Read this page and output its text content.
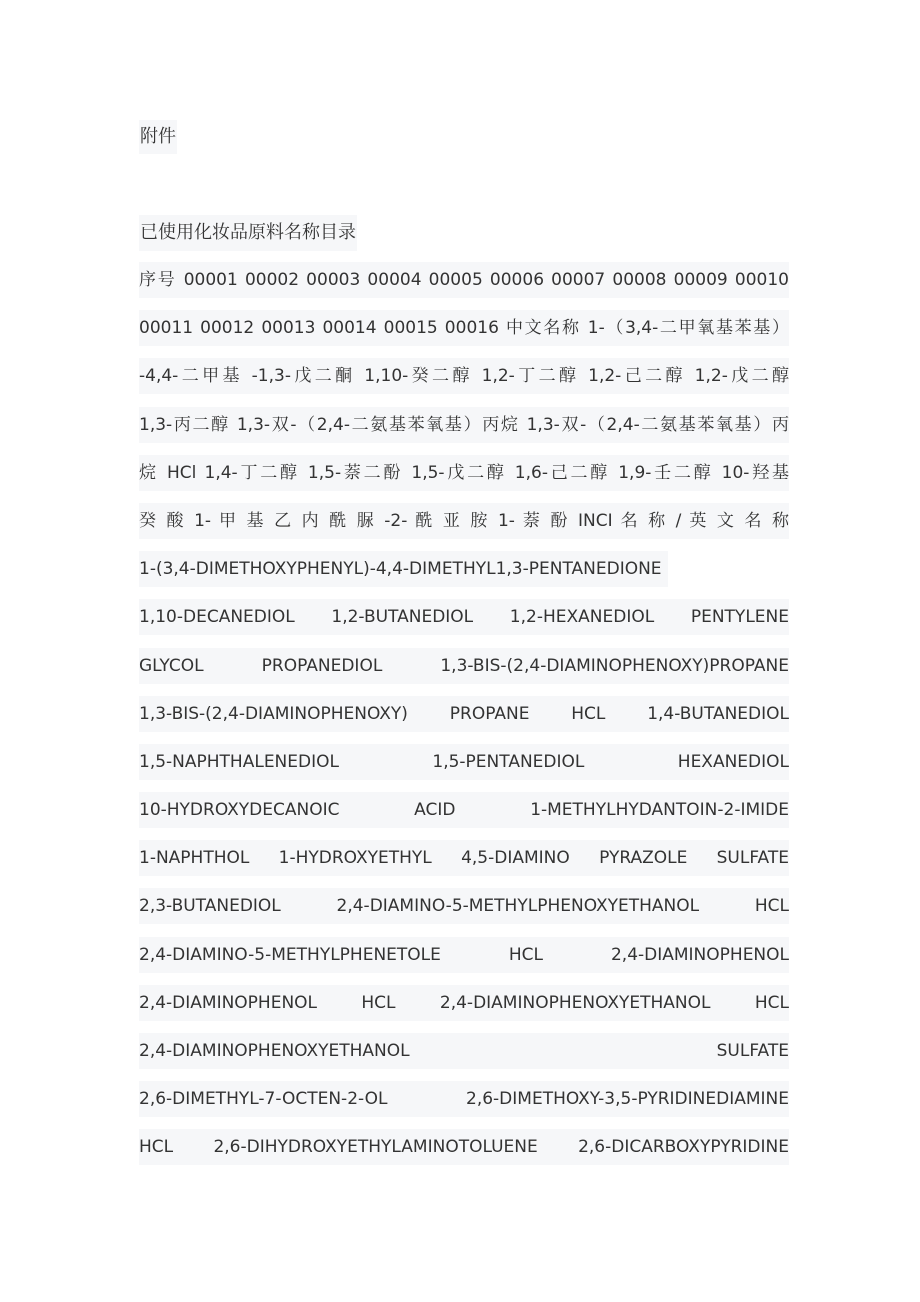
附件
已使用化妆品原料名称目录
序号 00001 00002 00003 00004 00005 00006 00007 00008 00009 00010
00011 00012 00013 00014 00015 00016 中文名称 1-（3,4-二甲氧基苯基）
-4,4-二甲基 -1,3-戊二酮 1,10-癸二醇 1,2-丁二醇 1,2-己二醇 1,2-戊二醇
1,3-丙二醇 1,3-双-（2,4-二氨基苯氧基）丙烷 1,3-双-（2,4-二氨基苯氧基）丙
烷 HCl 1,4-丁二醇 1,5-萘二酚 1,5-戊二醇 1,6-己二醇 1,9-壬二醇 10-羟基
癸 酸 1- 甲 基 乙 内 酰 脲 -2- 酰 亚 胺 1- 萘 酚 INCI 名 称 / 英 文 名 称
1-(3,4-DIMETHOXYPHENYL)-4,4-DIMETHYL1,3-PENTANEDIONE
1,10-DECANEDIOL 1,2-BUTANEDIOL 1,2-HEXANEDIOL PENTYLENE
GLYCOL PROPANEDIOL 1,3-BIS-(2,4-DIAMINOPHENOXY)PROPANE
1,3-BIS-(2,4-DIAMINOPHENOXY) PROPANE HCL 1,4-BUTANEDIOL
1,5-NAPHTHALENEDIOL 1,5-PENTANEDIOL HEXANEDIOL
10-HYDROXYDECANOIC ACID 1-METHYLHYDANTOIN-2-IMIDE
1-NAPHTHOL 1-HYDROXYETHYL 4,5-DIAMINO PYRAZOLE SULFATE
2,3-BUTANEDIOL 2,4-DIAMINO-5-METHYLPHENOXYETHANOL HCL
2,4-DIAMINO-5-METHYLPHENETOLE HCL 2,4-DIAMINOPHENOL
2,4-DIAMINOPHENOL HCL 2,4-DIAMINOPHENOXYETHANOL HCL
2,4-DIAMINOPHENOXYETHANOL SULFATE
2,6-DIMETHYL-7-OCTEN-2-OL 2,6-DIMETHOXY-3,5-PYRIDINEDIAMINE
HCL 2,6-DIHYDROXYETHYLAMINOTOLUENE 2,6-DICARBOXYPYRIDINE
